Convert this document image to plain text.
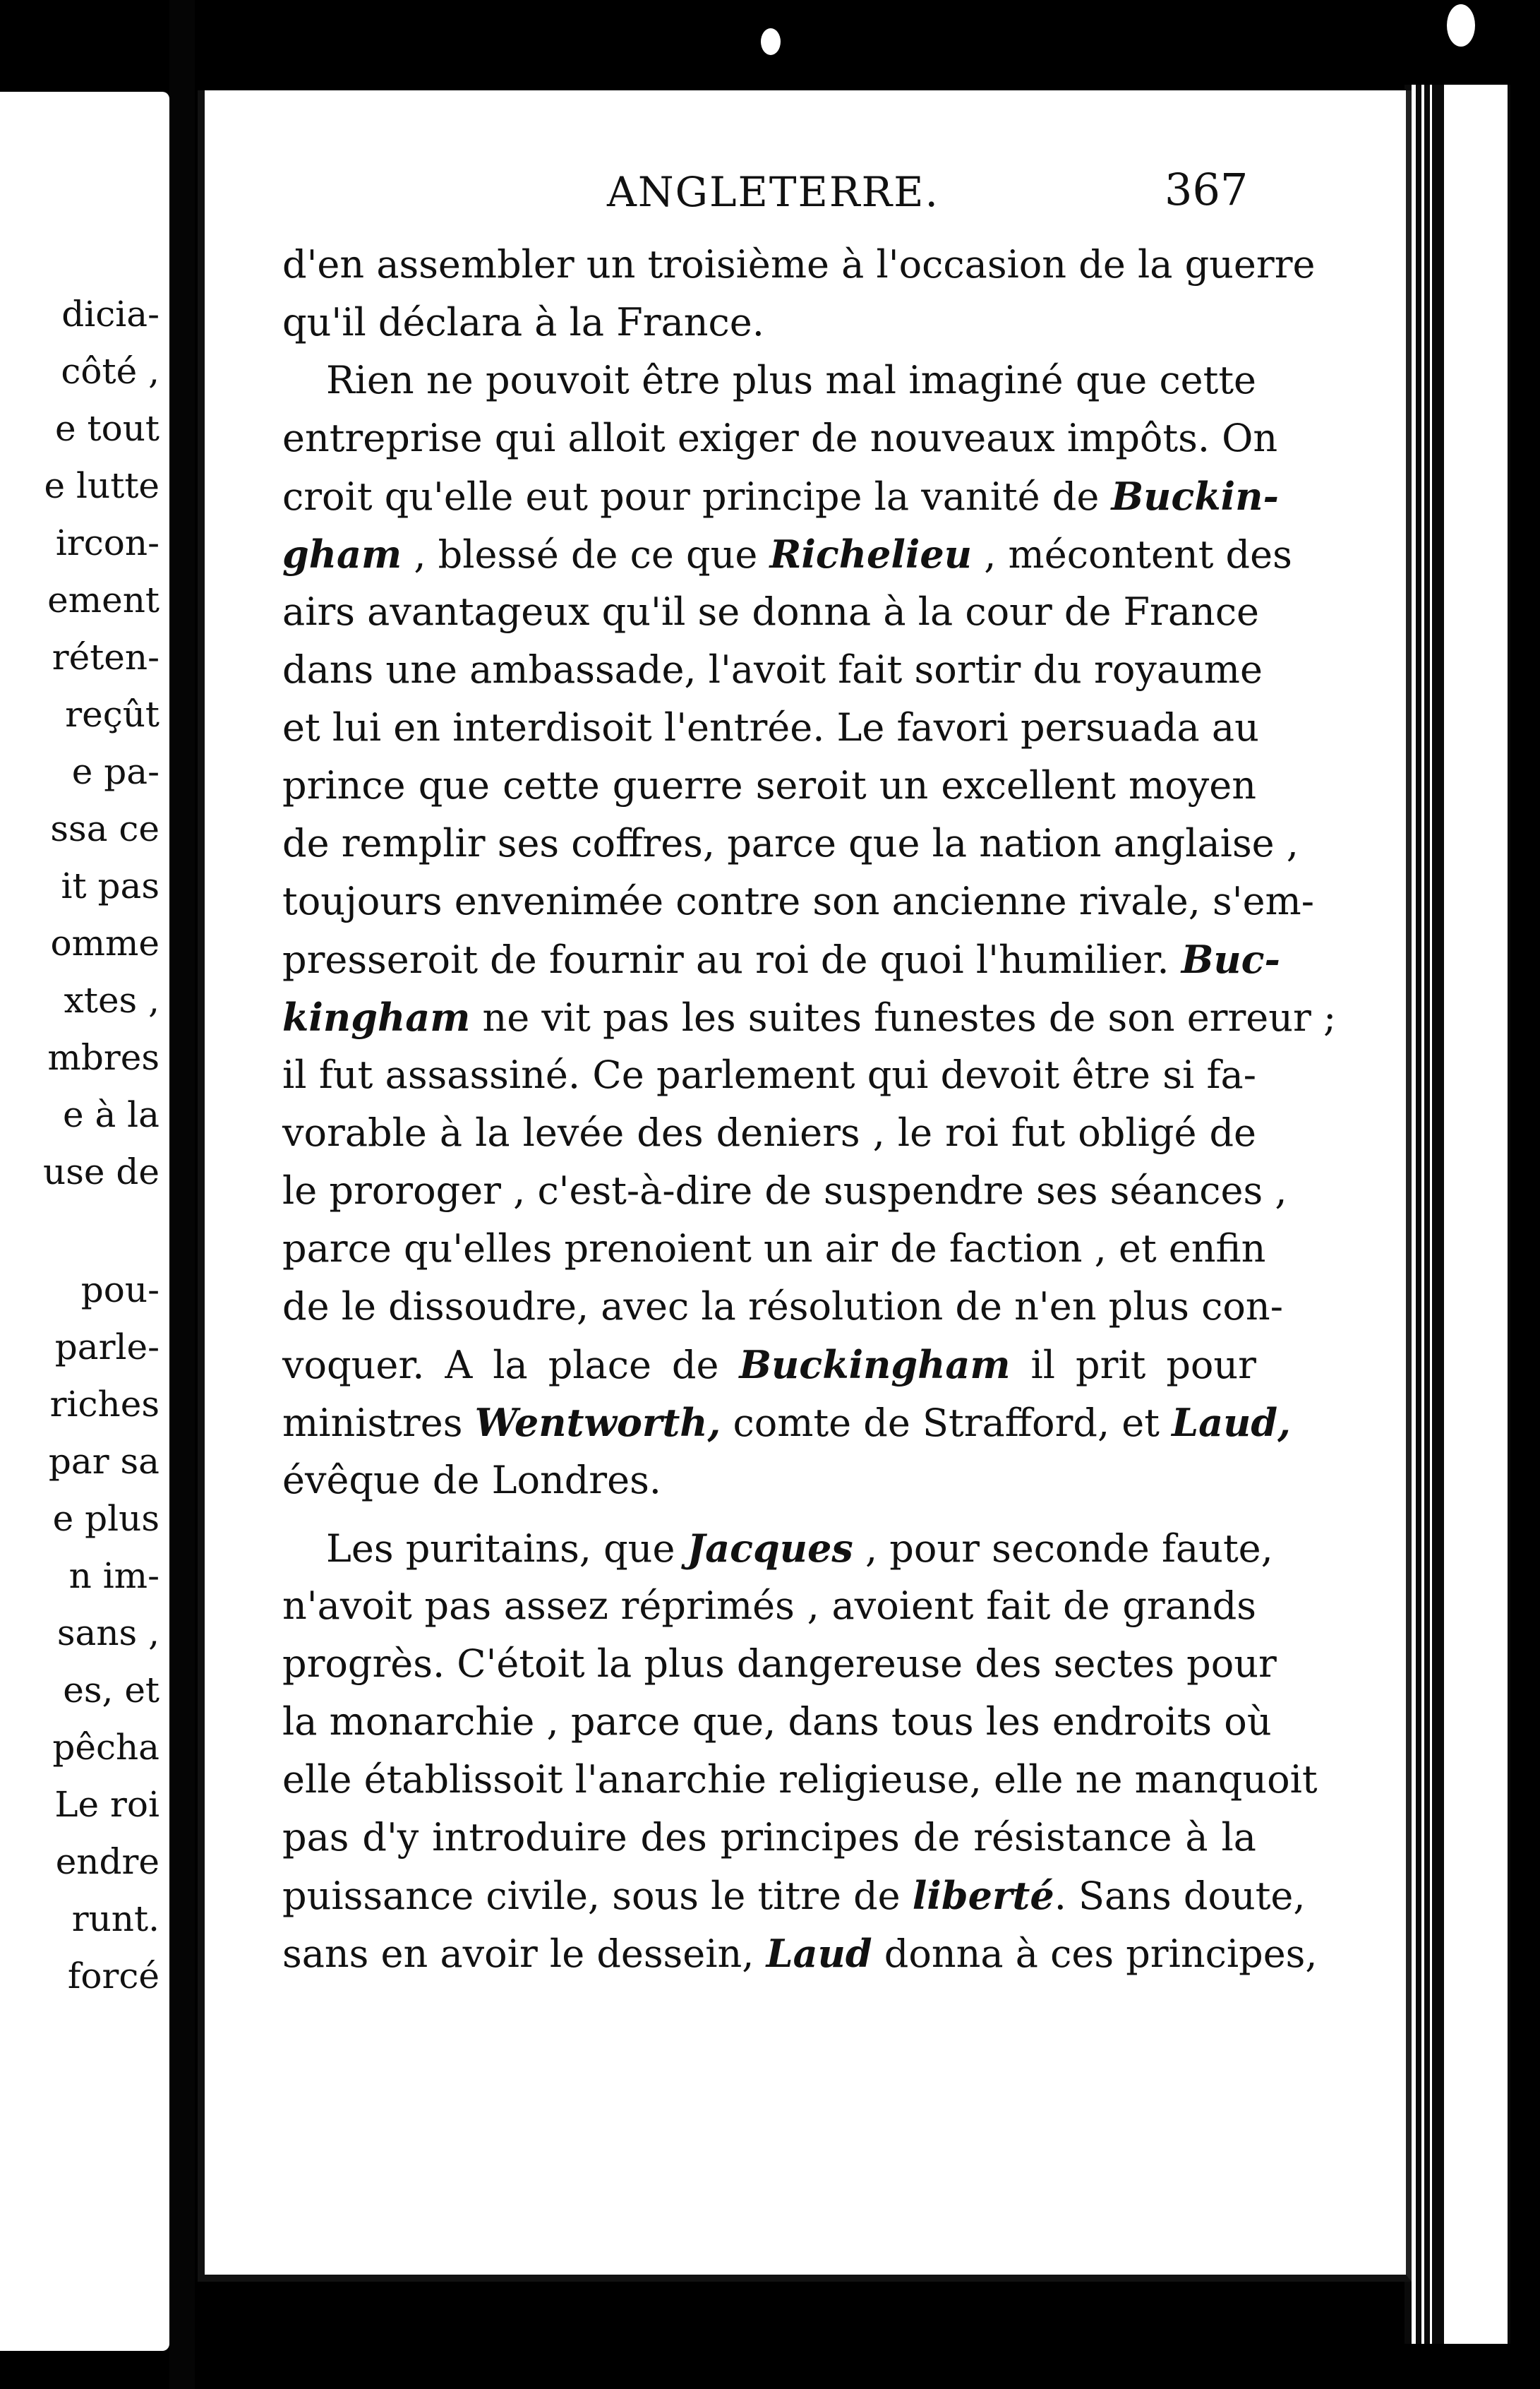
dicia-
côté ,
e tout
e lutte
ircon-
ement
réten-
reçût
e pa-
ssa ce
it pas
omme
xtes ,
mbres
e à la
use de
pou-
parle-
riches
par sa
e plus
n im-
sans ,
es, et
pêcha
Le roi
endre
runt.
forcé
ANGLETERRE.	367
d'en assembler un troisième à l'occasion de la guerre
qu'il déclara à la France.
Rien ne pouvoit être plus mal imaginé que cette
entreprise qui alloit exiger de nouveaux impôts. On
croit qu'elle eut pour principe la vanité de Buckin-
gham , blessé de ce que Richelieu , mécontent des
airs avantageux qu'il se donna à la cour de France
dans une ambassade, l'avoit fait sortir du royaume
et lui en interdisoit l'entrée. Le favori persuada au
prince que cette guerre seroit un excellent moyen
de remplir ses coffres, parce que la nation anglaise ,
toujours envenimée contre son ancienne rivale, s'em-
presseroit de fournir au roi de quoi l'humilier. Buc-
kingham ne vit pas les suites funestes de son erreur ;
il fut assassiné. Ce parlement qui devoit être si fa-
vorable à la levée des deniers , le roi fut obligé de
le proroger , c'est-à-dire de suspendre ses séances ,
parce qu'elles prenoient un air de faction , et enfin
de le dissoudre, avec la résolution de n'en plus con-
voquer. A la place de Buckingham il prit pour
ministres Wentworth, comte de Strafford, et Laud,
évêque de Londres.
Les puritains, que Jacques , pour seconde faute,
n'avoit pas assez réprimés , avoient fait de grands
progrès. C'étoit la plus dangereuse des sectes pour
la monarchie , parce que, dans tous les endroits où
elle établissoit l'anarchie religieuse, elle ne manquoit
pas d'y introduire des principes de résistance à la
puissance civile, sous le titre de liberté. Sans doute,
sans en avoir le dessein, Laud donna à ces principes,
